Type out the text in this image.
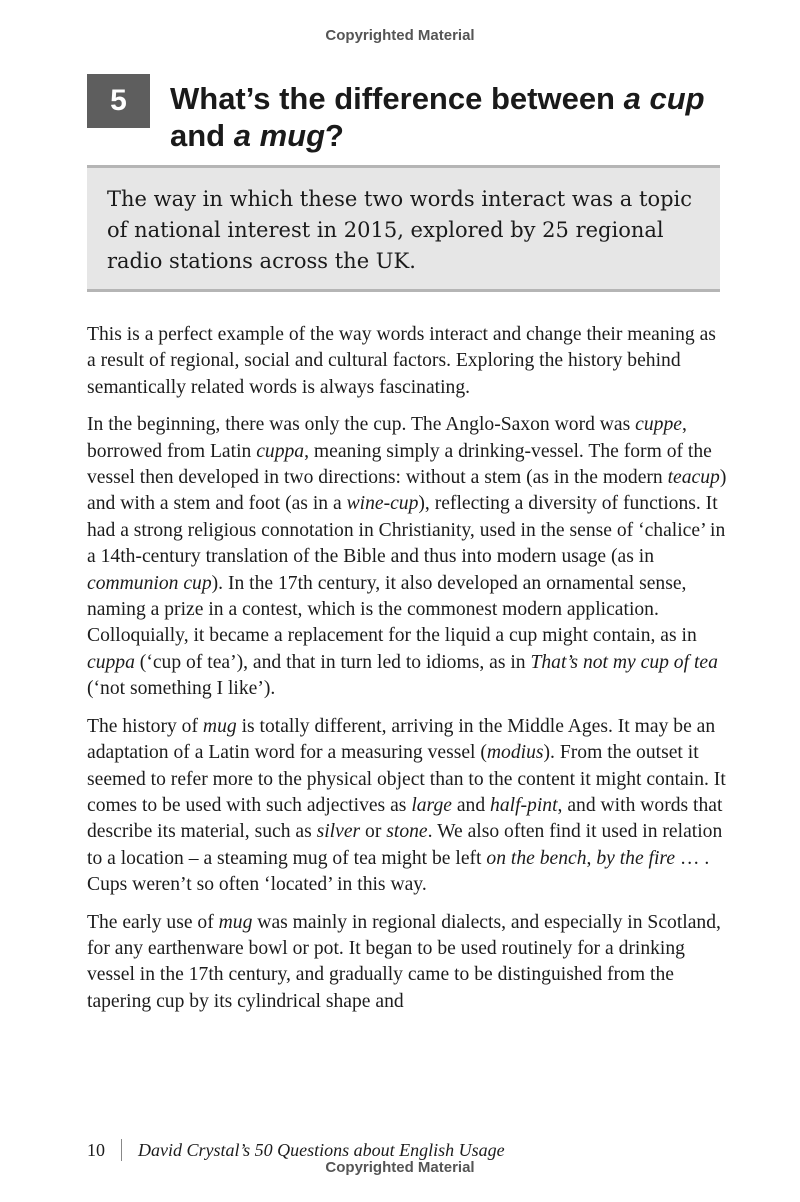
Copyrighted Material
5	What’s the difference between a cup and a mug?

The way in which these two words interact was a topic of national interest in 2015, explored by 25 regional radio stations across the UK.

This is a perfect example of the way words interact and change their meaning as a result of regional, social and cultural factors. Exploring the history behind semantically related words is always fascinating.

In the beginning, there was only the cup. The Anglo-Saxon word was cuppe, borrowed from Latin cuppa, meaning simply a drinking-vessel. The form of the vessel then developed in two directions: without a stem (as in the modern teacup) and with a stem and foot (as in a wine-cup), reflecting a diversity of functions. It had a strong religious connotation in Christianity, used in the sense of ‘chalice’ in a 14th-century translation of the Bible and thus into modern usage (as in communion cup). In the 17th century, it also developed an ornamental sense, naming a prize in a contest, which is the commonest modern application. Colloquially, it became a replacement for the liquid a cup might contain, as in cuppa (‘cup of tea’), and that in turn led to idioms, as in That’s not my cup of tea (‘not something I like’).

The history of mug is totally different, arriving in the Middle Ages. It may be an adaptation of a Latin word for a measuring vessel (modius). From the outset it seemed to refer more to the physical object than to the content it might contain. It comes to be used with such adjectives as large and half-pint, and with words that describe its material, such as silver or stone. We also often find it used in relation to a location – a steaming mug of tea might be left on the bench, by the fire … . Cups weren’t so often ‘located’ in this way.

The early use of mug was mainly in regional dialects, and especially in Scotland, for any earthenware bowl or pot. It began to be used routinely for a drinking vessel in the 17th century, and gradually came to be distinguished from the tapering cup by its cylindrical shape and

10 David Crystal’s 50 Questions about English Usage
Copyrighted Material
